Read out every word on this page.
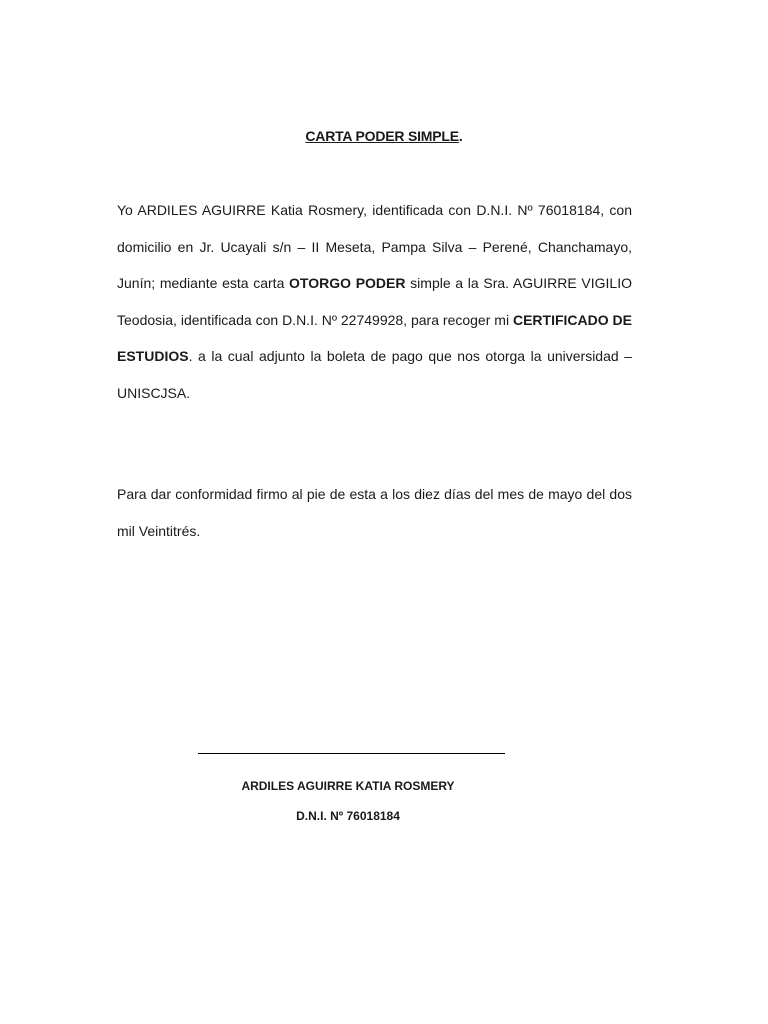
CARTA PODER SIMPLE.

Yo ARDILES AGUIRRE Katia Rosmery, identificada con D.N.I. Nº 76018184, con domicilio en Jr. Ucayali s/n – II Meseta, Pampa Silva – Perené, Chanchamayo, Junín; mediante esta carta OTORGO PODER simple a la Sra. AGUIRRE VIGILIO Teodosia, identificada con D.N.I. Nº 22749928, para recoger mi CERTIFICADO DE ESTUDIOS. a la cual adjunto la boleta de pago que nos otorga la universidad – UNISCJSA.

Para dar conformidad firmo al pie de esta a los diez días del mes de mayo del dos mil Veintitrés.

ARDILES AGUIRRE KATIA ROSMERY
D.N.I. Nº 76018184
